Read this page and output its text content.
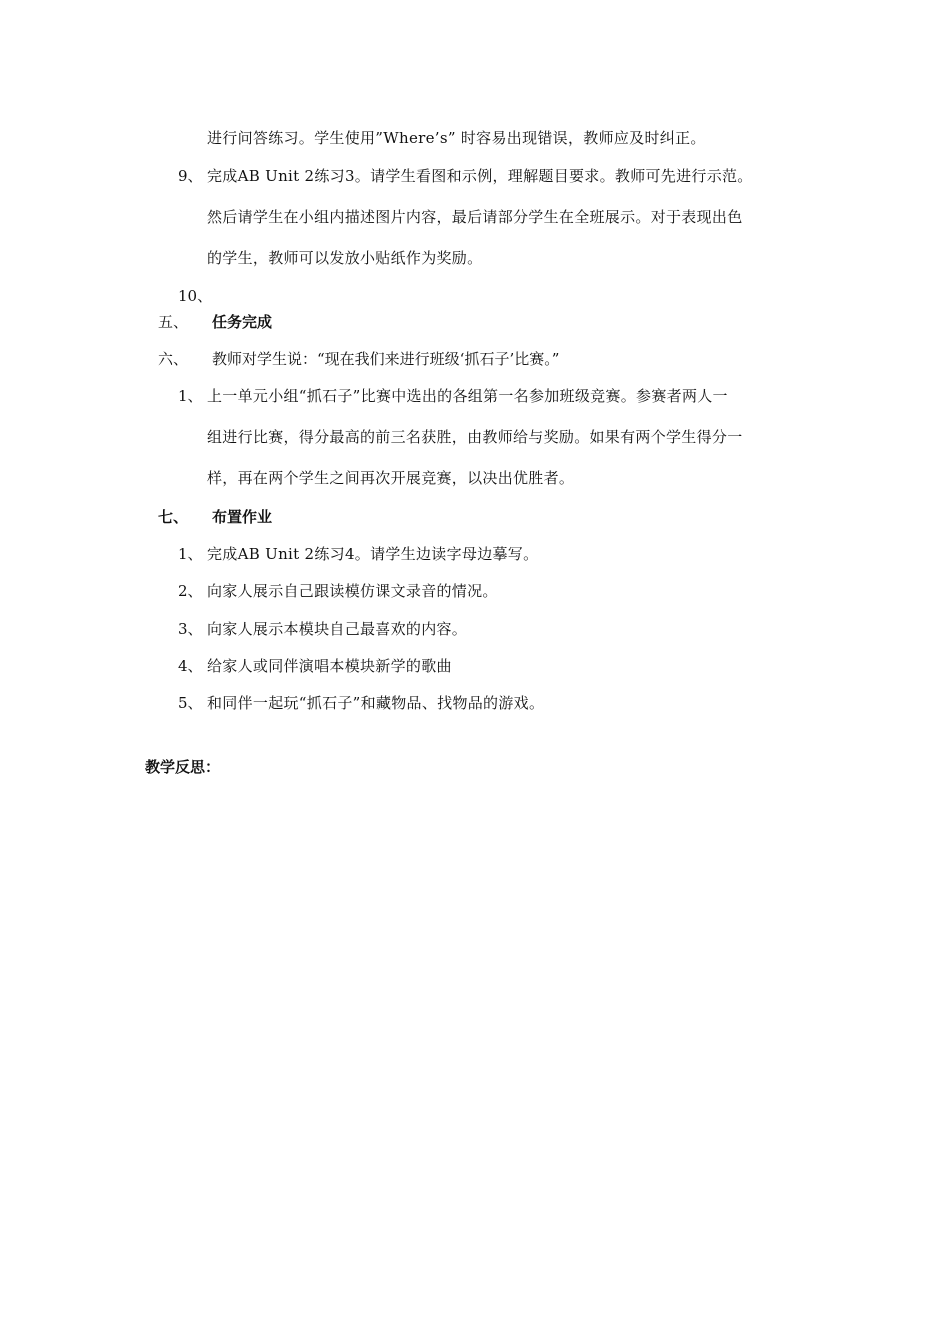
进行问答练习。学生使用”Where’s” 时容易出现错误，教师应及时纠正。
9、 完成AB Unit 2练习3。请学生看图和示例，理解题目要求。教师可先进行示范。
然后请学生在小组内描述图片内容，最后请部分学生在全班展示。对于表现出色
的学生，教师可以发放小贴纸作为奖励。
10、
五、 任务完成
六、 教师对学生说：“现在我们来进行班级‘抓石子’比赛。”
1、 上一单元小组“抓石子”比赛中选出的各组第一名参加班级竞赛。参赛者两人一
组进行比赛，得分最高的前三名获胜，由教师给与奖励。如果有两个学生得分一
样，再在两个学生之间再次开展竞赛，以决出优胜者。
七、 布置作业
1、 完成AB Unit 2练习4。请学生边读字母边摹写。
2、 向家人展示自己跟读模仿课文录音的情况。
3、 向家人展示本模块自己最喜欢的内容。
4、 给家人或同伴演唱本模块新学的歌曲
5、 和同伴一起玩“抓石子”和藏物品、找物品的游戏。
教学反思：
